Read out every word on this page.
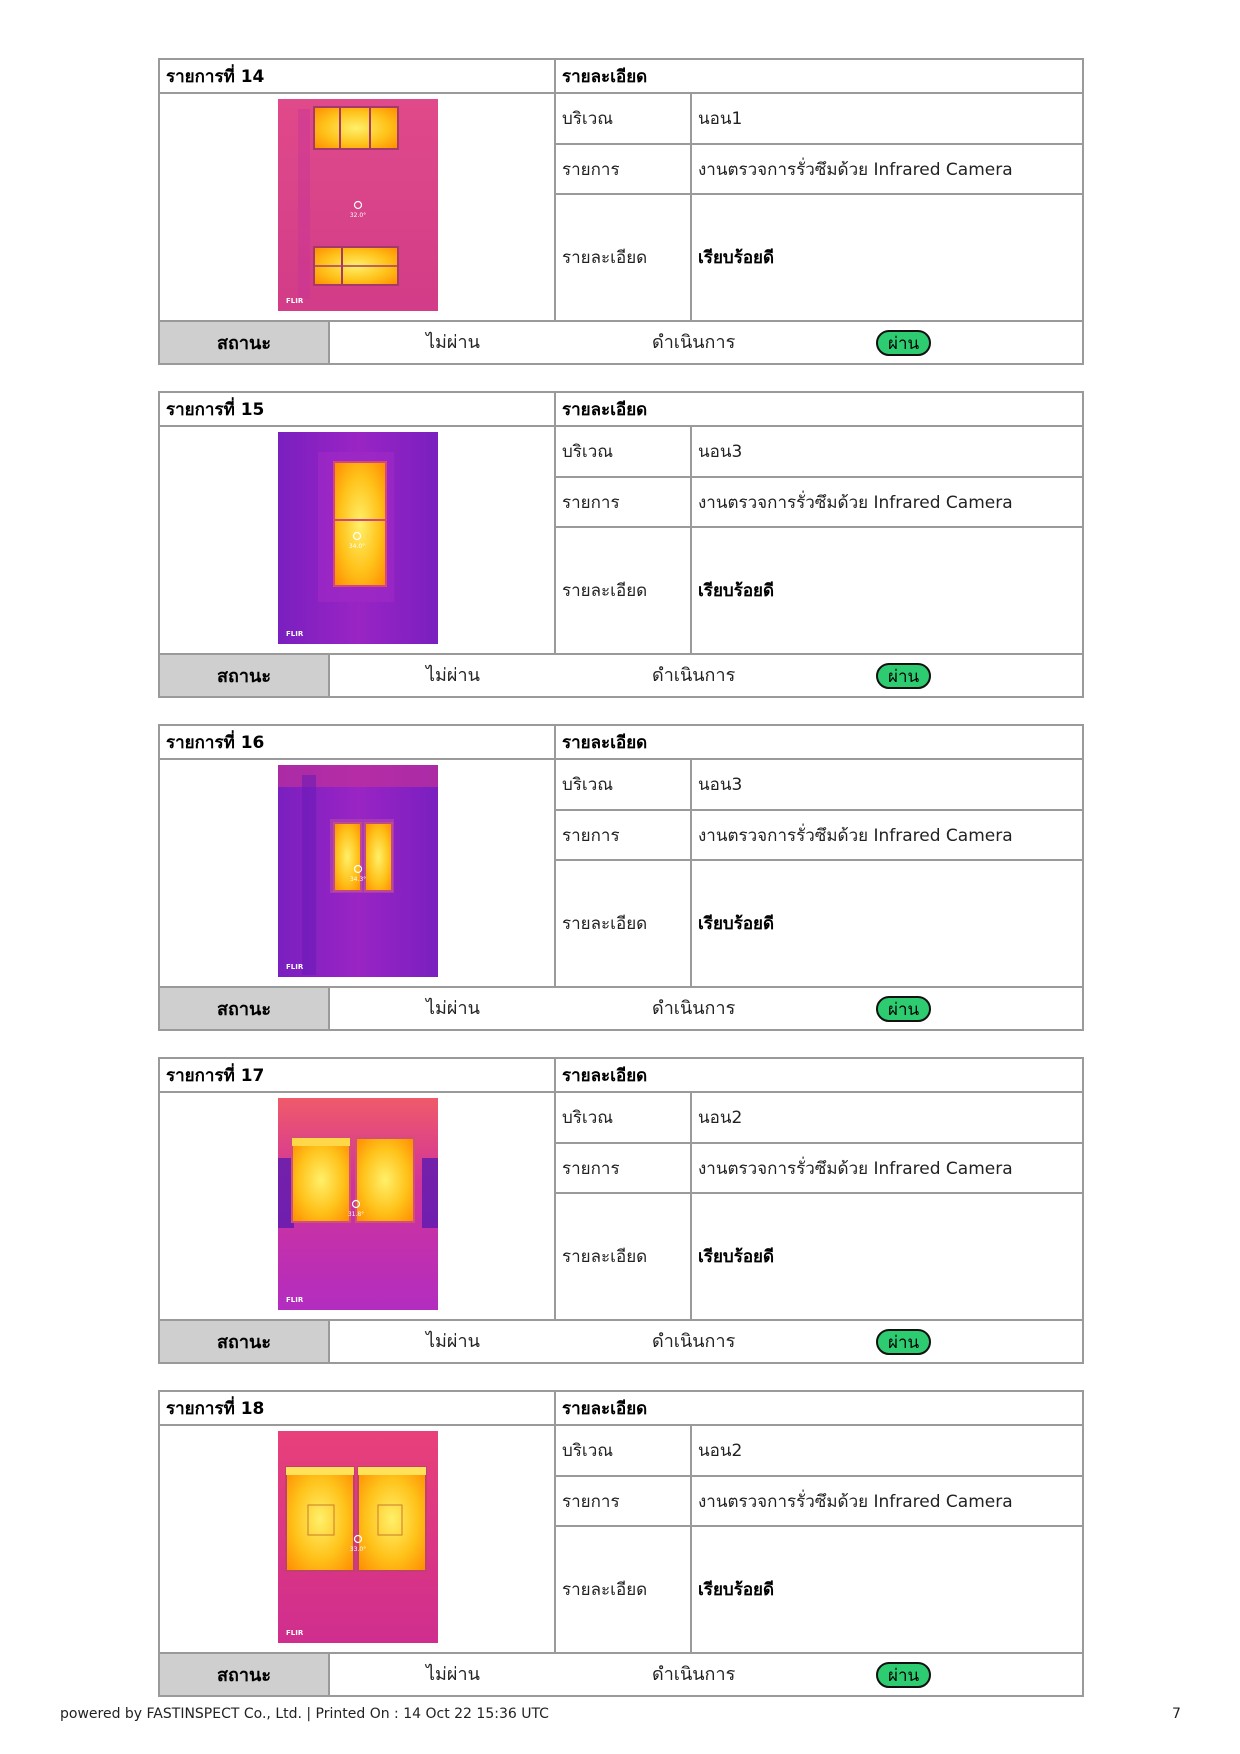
รายการที่ 14	รายละเอียด
32.0°
FLIR
บริเวณ	นอน1
รายการ	งานตรวจการรั่วซึมด้วย Infrared Camera
รายละเอียด	เรียบร้อยดี
สถานะ	ไม่ผ่าน	ดำเนินการ	ผ่าน
รายการที่ 15	รายละเอียด
34.0°
FLIR
บริเวณ	นอน3
รายการ	งานตรวจการรั่วซึมด้วย Infrared Camera
รายละเอียด	เรียบร้อยดี
สถานะ	ไม่ผ่าน	ดำเนินการ	ผ่าน
รายการที่ 16	รายละเอียด
34.3°
FLIR
บริเวณ	นอน3
รายการ	งานตรวจการรั่วซึมด้วย Infrared Camera
รายละเอียด	เรียบร้อยดี
สถานะ	ไม่ผ่าน	ดำเนินการ	ผ่าน
รายการที่ 17	รายละเอียด
31.8°
FLIR
บริเวณ	นอน2
รายการ	งานตรวจการรั่วซึมด้วย Infrared Camera
รายละเอียด	เรียบร้อยดี
สถานะ	ไม่ผ่าน	ดำเนินการ	ผ่าน
รายการที่ 18	รายละเอียด
33.0°
FLIR
บริเวณ	นอน2
รายการ	งานตรวจการรั่วซึมด้วย Infrared Camera
รายละเอียด	เรียบร้อยดี
สถานะ	ไม่ผ่าน	ดำเนินการ	ผ่าน
powered by FASTINSPECT Co., Ltd. | Printed On : 14 Oct 22 15:36 UTC	7
